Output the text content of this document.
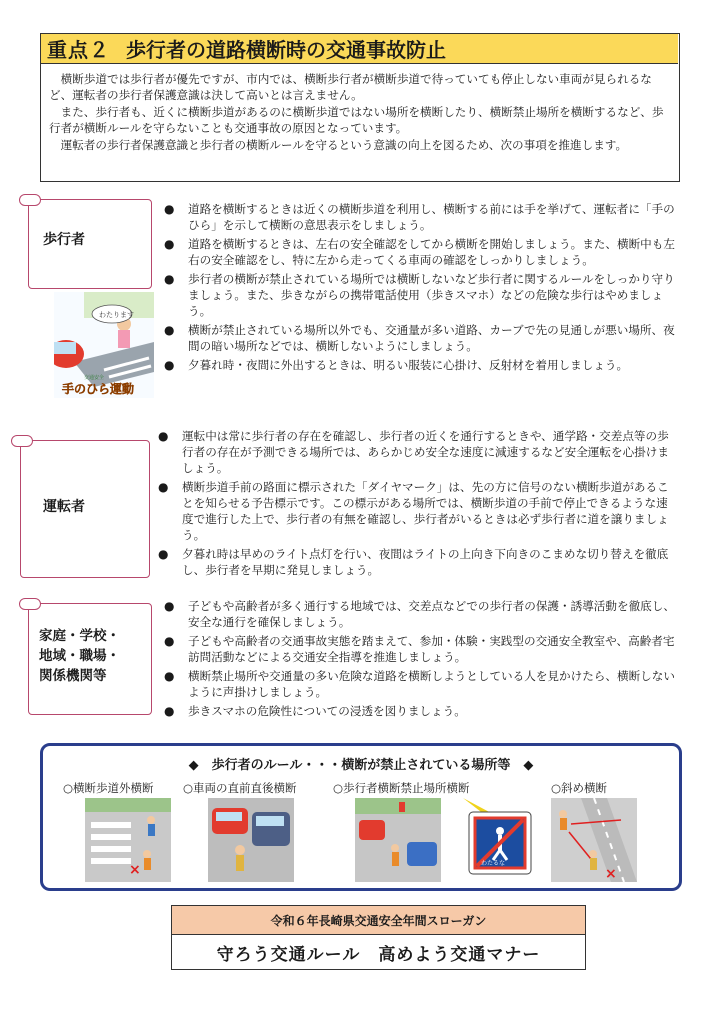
重点２ 歩行者の道路横断時の交通事故防止

横断歩道では歩行者が優先ですが、市内では、横断歩行者が横断歩道で待っていても停止しない車両が見られるなど、運転者の歩行者保護意識は決して高いとは言えません。

また、歩行者も、近くに横断歩道があるのに横断歩道ではない場所を横断したり、横断禁止場所を横断するなど、歩行者が横断ルールを守らないことも交通事故の原因となっています。

運転者の歩行者保護意識と歩行者の横断ルールを守るという意識の向上を図るため、次の事項を推進します。

歩行者
わたります
交通安全
手のひら運動
●	道路を横断するときは近くの横断歩道を利用し、横断する前には手を挙げて、運転者に「手のひら」を示して横断の意思表示をしましょう。
●	道路を横断するときは、左右の安全確認をしてから横断を開始しましょう。また、横断中も左右の安全確認をし、特に左から走ってくる車両の確認をしっかりしましょう。
●	歩行者の横断が禁止されている場所では横断しないなど歩行者に関するルールをしっかり守りましょう。また、歩きながらの携帯電話使用（歩きスマホ）などの危険な歩行はやめましょう。
●	横断が禁止されている場所以外でも、交通量が多い道路、カーブで先の見通しが悪い場所、夜間の暗い場所などでは、横断しないようにしましょう。
●	夕暮れ時・夜間に外出するときは、明るい服装に心掛け、反射材を着用しましょう。
運転者
●	運転中は常に歩行者の存在を確認し、歩行者の近くを通行するときや、通学路・交差点等の歩行者の存在が予測できる場所では、あらかじめ安全な速度に減速するなど安全運転を心掛けましょう。
●	横断歩道手前の路面に標示された「ダイヤマーク」は、先の方に信号のない横断歩道があることを知らせる予告標示です。この標示がある場所では、横断歩道の手前で停止できるような速度で進行した上で、歩行者の有無を確認し、歩行者がいるときは必ず歩行者に道を譲りましょう。
●	夕暮れ時は早めのライト点灯を行い、夜間はライトの上向き下向きのこまめな切り替えを徹底し、歩行者を早期に発見しましょう。
家庭・学校・
地域・職場・
関係機関等
●	子どもや高齢者が多く通行する地域では、交差点などでの歩行者の保護・誘導活動を徹底し、安全な通行を確保しましょう。
●	子どもや高齢者の交通事故実態を踏まえて、参加・体験・実践型の交通安全教室や、高齢者宅訪問活動などによる交通安全指導を推進しましょう。
●	横断禁止場所や交通量の多い危険な道路を横断しようとしている人を見かけたら、横断しないように声掛けしましょう。
●	歩きスマホの危険性についての浸透を図りましょう。
◆　歩行者のルール・・・横断が禁止されている場所等　◆
○横断歩道外横断	○車両の直前直後横断	○歩行者横断禁止場所横断	○斜め横断
×	わたるな
×
令和６年長崎県交通安全年間スローガン
守ろう交通ルール　高めよう交通マナー
